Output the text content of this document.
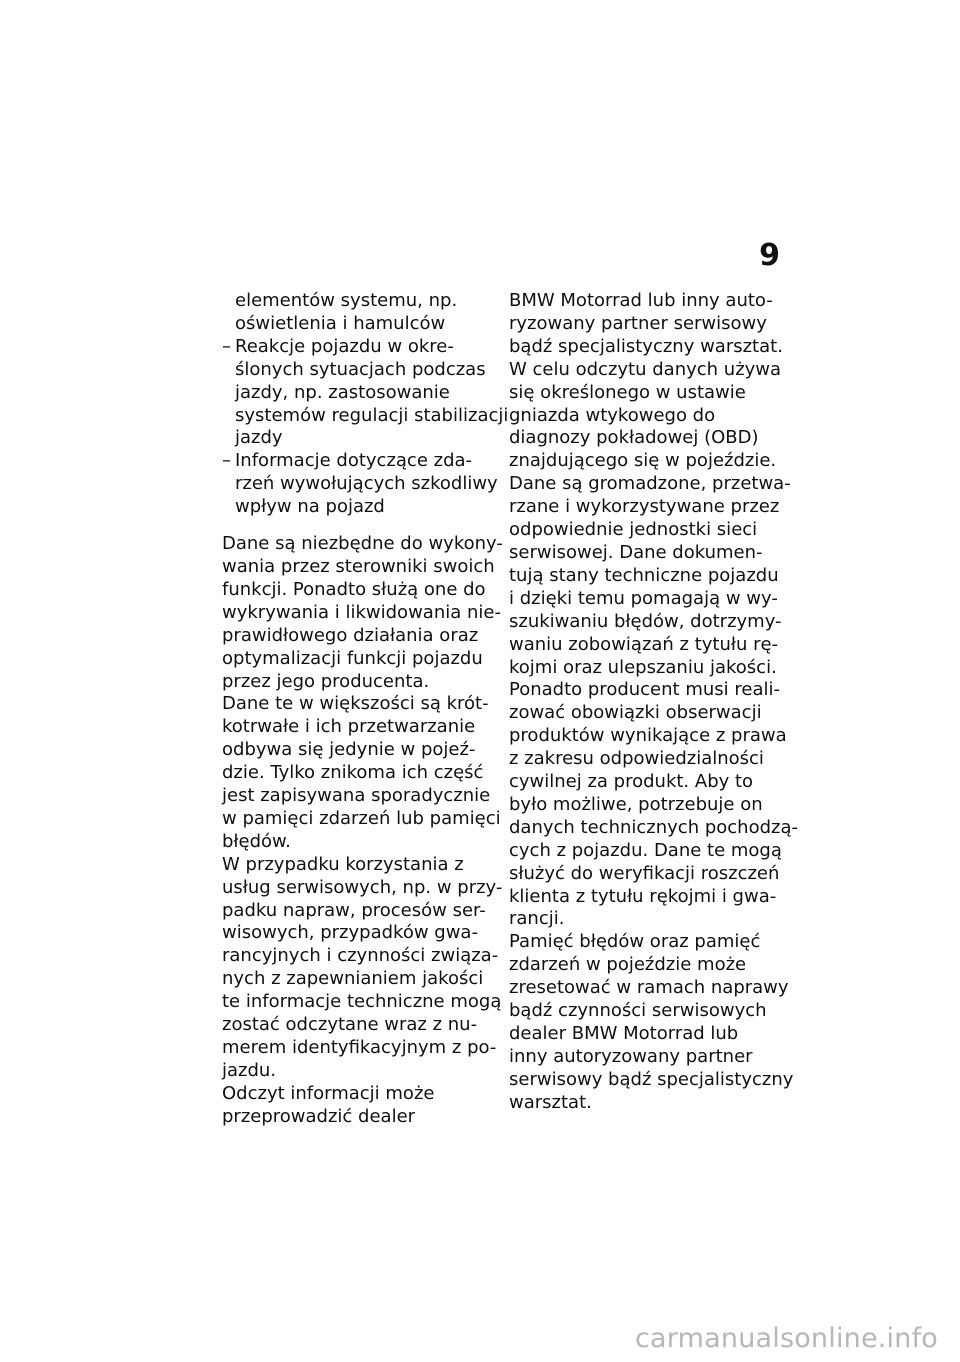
9
elementów systemu, np.
oświetlenia i hamulców
– Reakcje pojazdu w okre-
ślonych sytuacjach podczas
jazdy, np. zastosowanie
systemów regulacji stabilizacji
jazdy
– Informacje dotyczące zda-
rzeń wywołujących szkodliwy
wpływ na pojazd

Dane są niezbędne do wykony-
wania przez sterowniki swoich
funkcji. Ponadto służą one do
wykrywania i likwidowania nie-
prawidłowego działania oraz
optymalizacji funkcji pojazdu
przez jego producenta.

Dane te w większości są krót-
kotrwałe i ich przetwarzanie
odbywa się jedynie w pojeź-
dzie. Tylko znikoma ich część
jest zapisywana sporadycznie
w pamięci zdarzeń lub pamięci
błędów.

W przypadku korzystania z
usług serwisowych, np. w przy-
padku napraw, procesów ser-
wisowych, przypadków gwa-
rancyjnych i czynności związa-
nych z zapewnianiem jakości
te informacje techniczne mogą
zostać odczytane wraz z nu-
merem identyfikacyjnym z po-
jazdu.

Odczyt informacji może
przeprowadzić dealer

BMW Motorrad lub inny auto-
ryzowany partner serwisowy
bądź specjalistyczny warsztat.
W celu odczytu danych używa
się określonego w ustawie
gniazda wtykowego do
diagnozy pokładowej (OBD)
znajdującego się w pojeździe.
Dane są gromadzone, przetwa-
rzane i wykorzystywane przez
odpowiednie jednostki sieci
serwisowej. Dane dokumen-
tują stany techniczne pojazdu
i dzięki temu pomagają w wy-
szukiwaniu błędów, dotrzymy-
waniu zobowiązań z tytułu rę-
kojmi oraz ulepszaniu jakości.
Ponadto producent musi reali-
zować obowiązki obserwacji
produktów wynikające z prawa
z zakresu odpowiedzialności
cywilnej za produkt. Aby to
było możliwe, potrzebuje on
danych technicznych pochodzą-
cych z pojazdu. Dane te mogą
służyć do weryfikacji roszczeń
klienta z tytułu rękojmi i gwa-
rancji.

Pamięć błędów oraz pamięć
zdarzeń w pojeździe może
zresetować w ramach naprawy
bądź czynności serwisowych
dealer BMW Motorrad lub
inny autoryzowany partner
serwisowy bądź specjalistyczny
warsztat.

carmanualsonline.info
